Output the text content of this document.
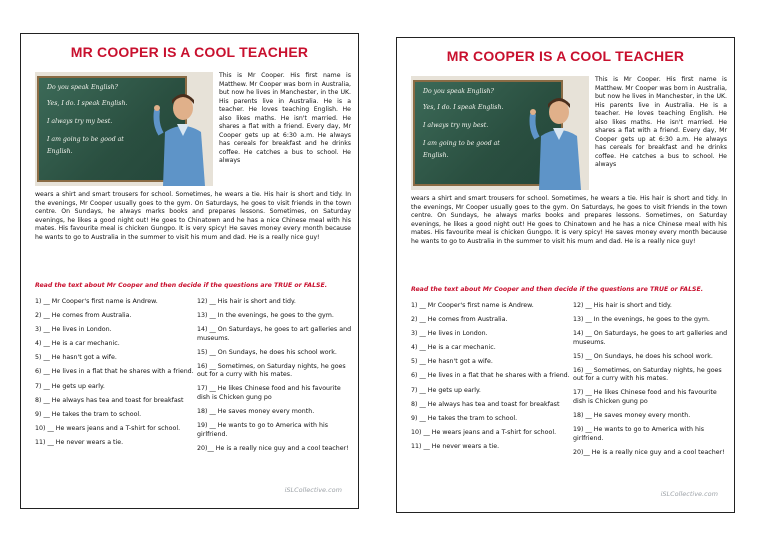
MR COOPER IS A COOL TEACHER
Do you speak English?
Yes, I do. I speak English.
I always try my best.
I am going to be good at
English.
This is Mr Cooper. His first name is Matthew. Mr Cooper was born in Australia, but now he lives in Manchester, in the UK. His parents live in Australia. He is a teacher. He loves teaching English. He also likes maths. He isn't married. He shares a flat with a friend. Every day, Mr Cooper gets up at 6:30 a.m. He always has cereals for breakfast and he drinks coffee. He catches a bus to school. He always
wears a shirt and smart trousers for school. Sometimes, he wears a tie. His hair is short and tidy. In the evenings, Mr Cooper usually goes to the gym. On Saturdays, he goes to visit friends in the town centre. On Sundays, he always marks books and prepares lessons. Sometimes, on Saturday evenings, he likes a good night out! He goes to Chinatown and he has a nice Chinese meal with his mates. His favourite meal is chicken Gungpo. It is very spicy! He saves money every month because he wants to go to Australia in the summer to visit his mum and dad. He is a really nice guy!
Read the text about Mr Cooper and then decide if the questions are TRUE or FALSE.
1) __ Mr Cooper's first name is Andrew.
2) __ He comes from Australia.
3) __ He lives in London.
4) __ He is a car mechanic.
5) __ He hasn't got a wife.
6) __ He lives in a flat that he shares with a friend.
7) __ He gets up early.
8) __ He always has tea and toast for breakfast
9) __ He takes the tram to school.
10) __ He wears jeans and a T-shirt for school.
11) __ He never wears a tie.
12) __ His hair is short and tidy.
13) __ In the evenings, he goes to the gym.
14) __ On Saturdays, he goes to art galleries and museums.
15) __ On Sundays, he does his school work.
16) __ Sometimes, on Saturday nights, he goes out for a curry with his mates.
17) __ He likes Chinese food and his favourite dish is Chicken gung po
18) __ He saves money every month.
19) __ He wants to go to America with his girlfriend.
20)__ He is a really nice guy and a cool teacher!
iSLCollective.com
MR COOPER IS A COOL TEACHER
Do you speak English?
Yes, I do. I speak English.
I always try my best.
I am going to be good at
English.
This is Mr Cooper. His first name is Matthew. Mr Cooper was born in Australia, but now he lives in Manchester, in the UK. His parents live in Australia. He is a teacher. He loves teaching English. He also likes maths. He isn't married. He shares a flat with a friend. Every day, Mr Cooper gets up at 6:30 a.m. He always has cereals for breakfast and he drinks coffee. He catches a bus to school. He always
wears a shirt and smart trousers for school. Sometimes, he wears a tie. His hair is short and tidy. In the evenings, Mr Cooper usually goes to the gym. On Saturdays, he goes to visit friends in the town centre. On Sundays, he always marks books and prepares lessons. Sometimes, on Saturday evenings, he likes a good night out! He goes to Chinatown and he has a nice Chinese meal with his mates. His favourite meal is chicken Gungpo. It is very spicy! He saves money every month because he wants to go to Australia in the summer to visit his mum and dad. He is a really nice guy!
Read the text about Mr Cooper and then decide if the questions are TRUE or FALSE.
1) __ Mr Cooper's first name is Andrew.
2) __ He comes from Australia.
3) __ He lives in London.
4) __ He is a car mechanic.
5) __ He hasn't got a wife.
6) __ He lives in a flat that he shares with a friend.
7) __ He gets up early.
8) __ He always has tea and toast for breakfast
9) __ He takes the tram to school.
10) __ He wears jeans and a T-shirt for school.
11) __ He never wears a tie.
12) __ His hair is short and tidy.
13) __ In the evenings, he goes to the gym.
14) __ On Saturdays, he goes to art galleries and museums.
15) __ On Sundays, he does his school work.
16) __ Sometimes, on Saturday nights, he goes out for a curry with his mates.
17) __ He likes Chinese food and his favourite dish is Chicken gung po
18) __ He saves money every month.
19) __ He wants to go to America with his girlfriend.
20)__ He is a really nice guy and a cool teacher!
iSLCollective.com
